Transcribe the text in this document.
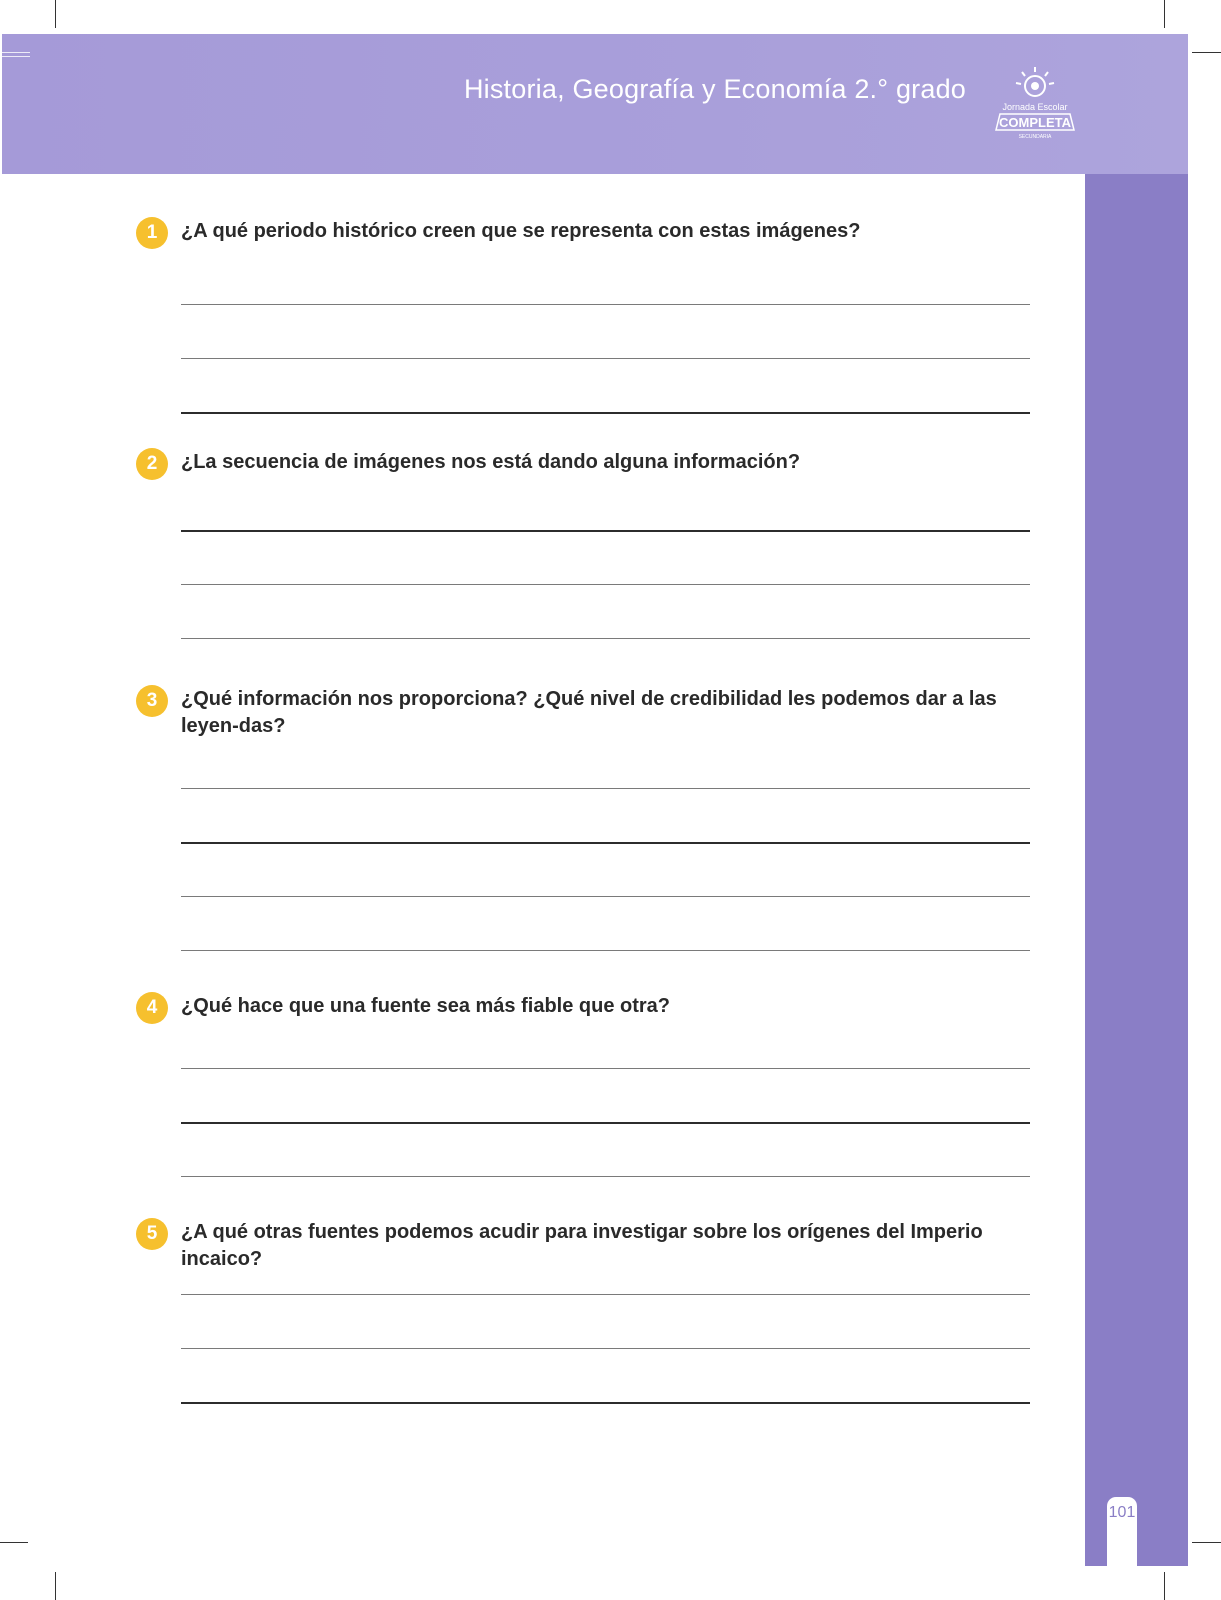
Historia, Geografía y Economía 2.° grado
Jornada Escolar
COMPLETA
SECUNDARIA
101
1	¿A qué periodo histórico creen que se representa con estas imágenes?
2	¿La secuencia de imágenes nos está dando alguna información?
3	¿Qué información nos proporciona? ¿Qué nivel de credibilidad les podemos dar a las leyen-das?
4	¿Qué hace que una fuente sea más fiable que otra?
5	¿A qué otras fuentes podemos acudir para investigar sobre los orígenes del Imperio incaico?
